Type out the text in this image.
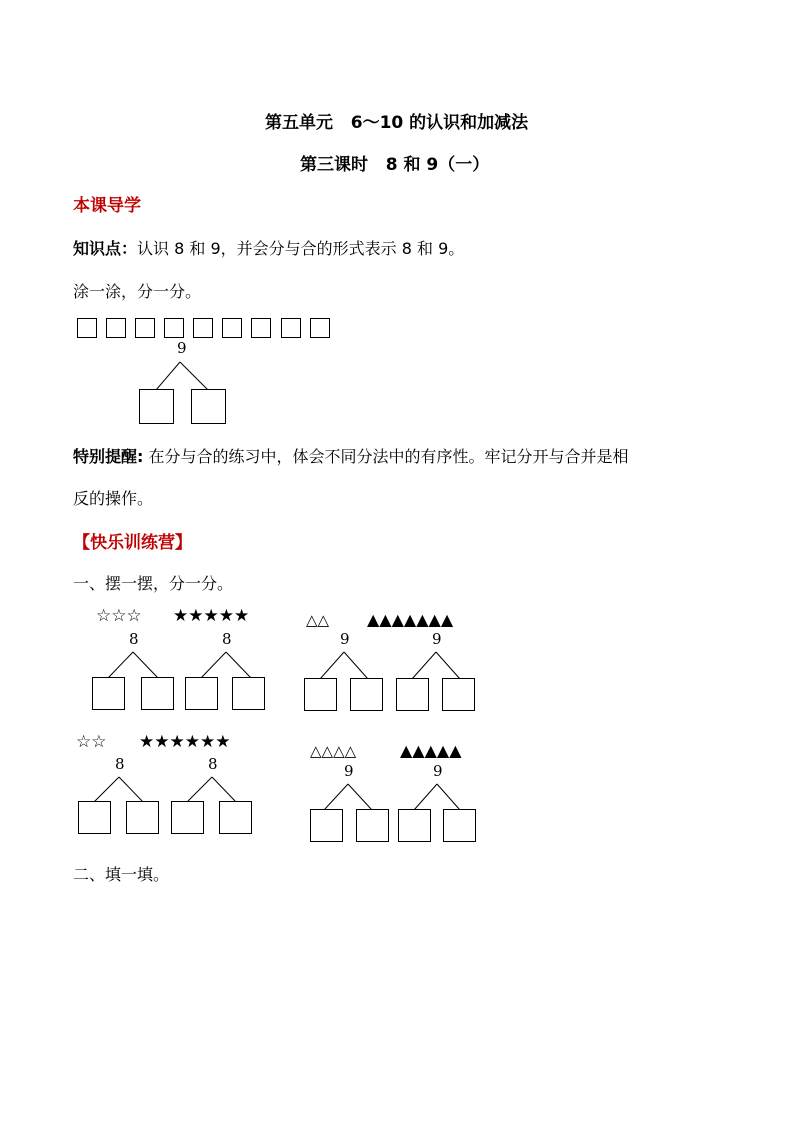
第五单元   6～10 的认识和加减法
第三课时   8 和 9（一）
本课导学
知识点：认识 8 和 9，并会分与合的形式表示 8 和 9。
涂一涂，分一分。
9
特别提醒: 在分与合的练习中，体会不同分法中的有序性。牢记分开与合并是相
反的操作。
【快乐训练营】
一、摆一摆，分一分。
☆☆☆ ★★★★★
8	8
☆☆ ★★★★★★
8	8
△△ ▲▲▲▲▲▲▲
9	9
△△△△	▲▲▲▲▲
9	9
二、填一填。
